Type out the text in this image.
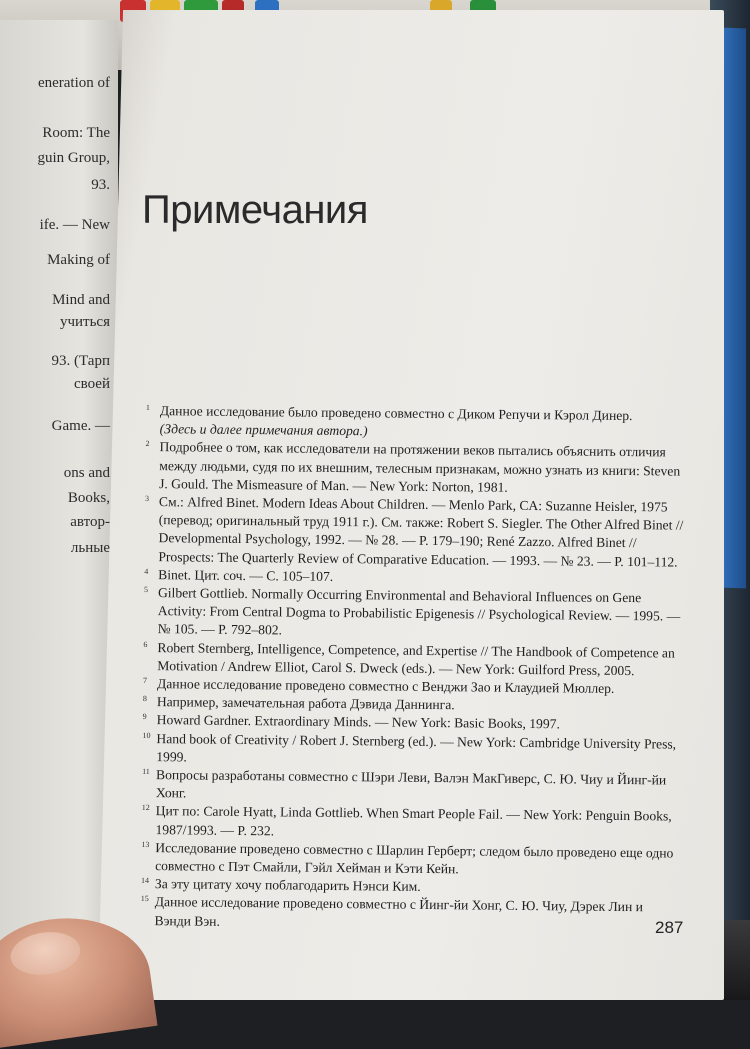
eneration of
Room: The
guin Group,
93.
ife. — New
Making of
Mind and
учиться
93. (Тарп
своей
Game. —
ons and
Books,
автор-
льные
Примечания
1 Данное исследование было проведено совместно с Диком Репучи и Кэрол Динер.
(Здесь и далее примечания автора.)
2 Подробнее о том, как исследователи на протяжении веков пытались объяснить отличия между людьми, судя по их внешним, телесным признакам, можно узнать из книги: Steven J. Gould. The Mismeasure of Man. — New York: Norton, 1981.
3 См.: Alfred Binet. Modern Ideas About Children. — Menlo Park, CA: Suzanne Heisler, 1975 (перевод; оригинальный труд 1911 г.). См. также: Robert S. Siegler. The Other Alfred Binet // Developmental Psychology, 1992. — № 28. — P. 179–190; René Zazzo. Alfred Binet // Prospects: The Quarterly Review of Comparative Education. — 1993. — № 23. — P. 101–112.
4 Binet. Цит. соч. — С. 105–107.
5 Gilbert Gottlieb. Normally Occurring Environmental and Behavioral Influences on Gene Activity: From Central Dogma to Probabilistic Epigenesis // Psychological Review. — 1995. — № 105. — P. 792–802.
6 Robert Sternberg, Intelligence, Competence, and Expertise // The Handbook of Competence an Motivation / Andrew Elliot, Carol S. Dweck (eds.). — New York: Guilford Press, 2005.
7 Данное исследование проведено совместно с Венджи Зао и Клаудией Мюллер.
8 Например, замечательная работа Дэвида Даннинга.
9 Howard Gardner. Extraordinary Minds. — New York: Basic Books, 1997.
10 Hand book of Creativity / Robert J. Sternberg (ed.). — New York: Cambridge University Press, 1999.
11 Вопросы разработаны совместно с Шэри Леви, Валэн МакГиверс, С. Ю. Чиу и Йинг-йи Хонг.
12 Цит по: Carole Hyatt, Linda Gottlieb. When Smart People Fail. — New York: Penguin Books, 1987/1993. — P. 232.
13 Исследование проведено совместно с Шарлин Герберт; следом было проведено еще одно совместно с Пэт Смайли, Гэйл Хейман и Кэти Кейн.
14 За эту цитату хочу поблагодарить Нэнси Ким.
15 Данное исследование проведено совместно с Йинг-йи Хонг, С. Ю. Чиу, Дэрек Лин и Вэнди Вэн.	287
